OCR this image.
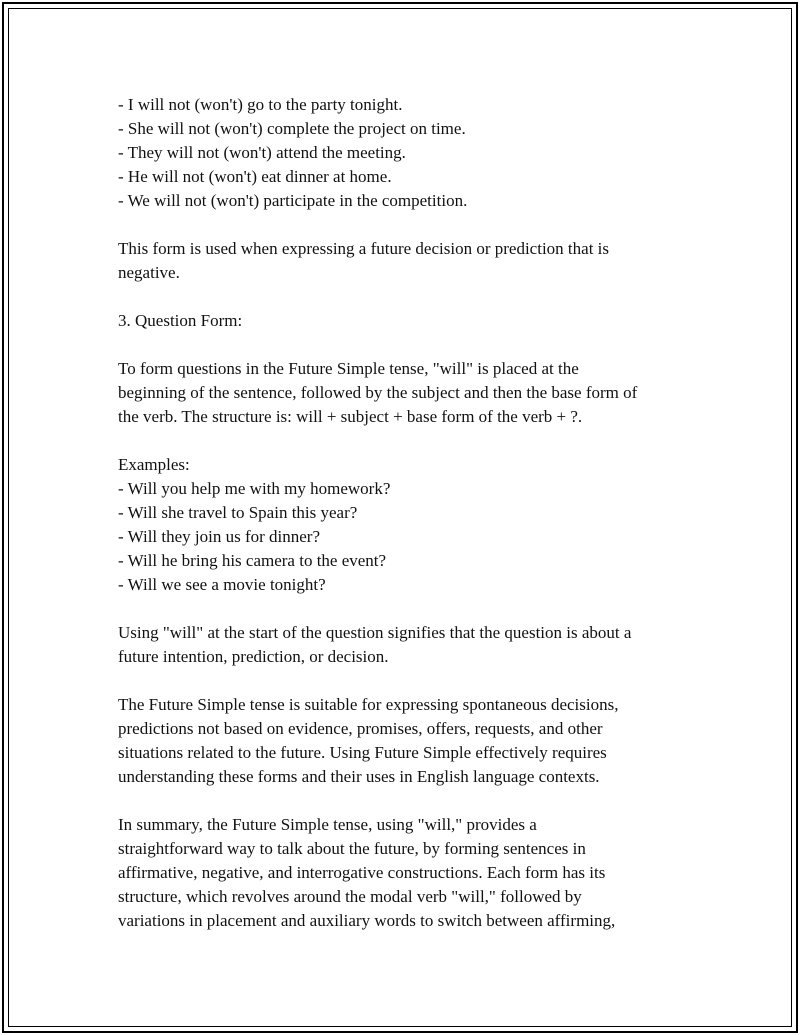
- I will not (won't) go to the party tonight.
- She will not (won't) complete the project on time.
- They will not (won't) attend the meeting.
- He will not (won't) eat dinner at home.
- We will not (won't) participate in the competition.
This form is used when expressing a future decision or prediction that is
negative.
3. Question Form:
To form questions in the Future Simple tense, "will" is placed at the
beginning of the sentence, followed by the subject and then the base form of
the verb. The structure is: will + subject + base form of the verb + ?.
Examples:
- Will you help me with my homework?
- Will she travel to Spain this year?
- Will they join us for dinner?
- Will he bring his camera to the event?
- Will we see a movie tonight?
Using "will" at the start of the question signifies that the question is about a
future intention, prediction, or decision.
The Future Simple tense is suitable for expressing spontaneous decisions,
predictions not based on evidence, promises, offers, requests, and other
situations related to the future. Using Future Simple effectively requires
understanding these forms and their uses in English language contexts.
In summary, the Future Simple tense, using "will," provides a
straightforward way to talk about the future, by forming sentences in
affirmative, negative, and interrogative constructions. Each form has its
structure, which revolves around the modal verb "will," followed by
variations in placement and auxiliary words to switch between affirming,
